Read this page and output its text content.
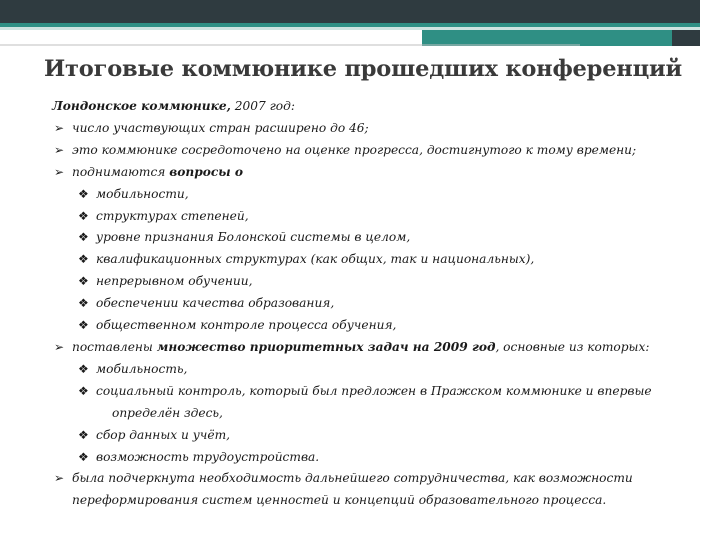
Итоговые коммюнике прошедших конференций
Лондонское коммюнике, 2007 год:
➢ число участвующих стран расширено до 46;
➢ это коммюнике сосредоточено на оценке прогресса, достигнутого к тому времени;
➢ поднимаются вопросы о
❖ мобильности,
❖ структурах степеней,
❖ уровне признания Болонской системы в целом,
❖ квалификационных структурах (как общих, так и национальных),
❖ непрерывном обучении,
❖ обеспечении качества образования,
❖ общественном контроле процесса обучения,
➢ поставлены множество приоритетных задач на 2009 год, основные из которых:
❖ мобильность,
❖ социальный контроль, который был предложен в Пражском коммюнике и впервые
определён здесь,
❖ сбор данных и учёт,
❖ возможность трудоустройства.
➢ была подчеркнута необходимость дальнейшего сотрудничества, как возможности
переформирования систем ценностей и концепций образовательного процесса.
